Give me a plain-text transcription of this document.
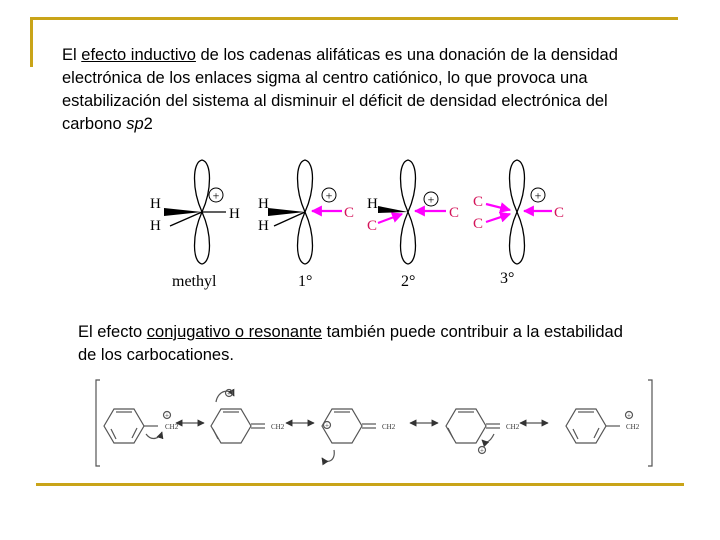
El efecto inductivo de los cadenas alifáticas es una donación de la densidad electrónica de los enlaces sigma al centro catiónico, lo que provoca una estabilización del sistema al disminuir el déficit de densidad electrónica del carbono sp2
+
H
H
H
methyl
+
H
H
C
1°
+
H
C
C
2°
+
C
C
C
3°
El efecto conjugativo o resonante también puede contribuir a la estabilidad de los carbocationes.
CH2	CH2	CH2	CH2	CH2
+
+
+
+
+
